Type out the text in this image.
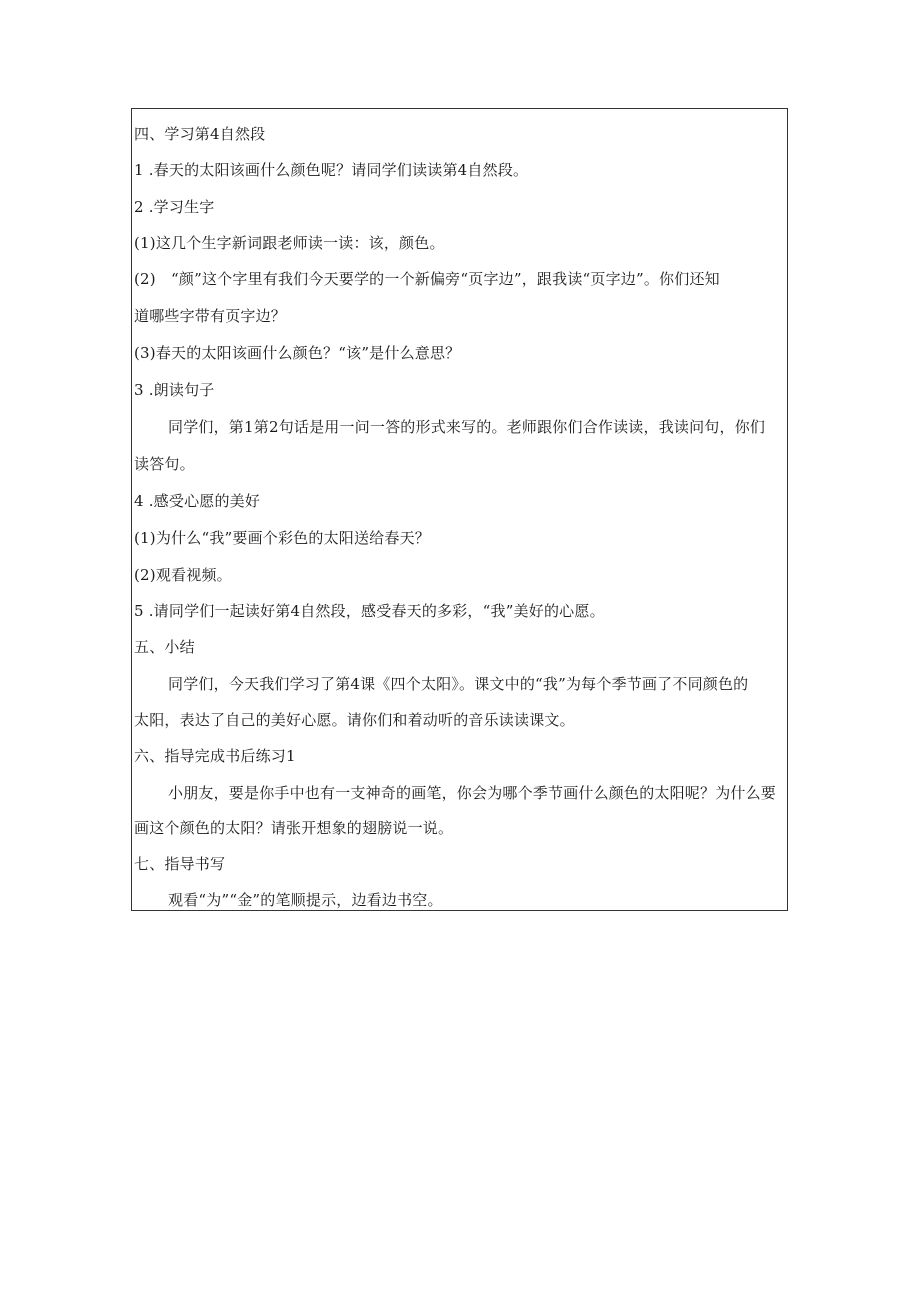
四、学习第4自然段
1 .春天的太阳该画什么颜色呢？请同学们读读第4自然段。
2 .学习生字
(1)这几个生字新词跟老师读一读：该，颜色。
(2)　“颜”这个字里有我们今天要学的一个新偏旁“页字边”，跟我读“页字边”。你们还知
道哪些字带有页字边？
(3)春天的太阳该画什么颜色？“该”是什么意思？
3 .朗读句子
同学们，第1第2句话是用一问一答的形式来写的。老师跟你们合作读读，我读问句，你们
读答句。
4 .感受心愿的美好
(1)为什么“我”要画个彩色的太阳送给春天？
(2)观看视频。
5 .请同学们一起读好第4自然段，感受春天的多彩，“我”美好的心愿。
五、小结
同学们，今天我们学习了第4课《四个太阳》。课文中的“我”为每个季节画了不同颜色的
太阳，表达了自己的美好心愿。请你们和着动听的音乐读读课文。
六、指导完成书后练习1
小朋友，要是你手中也有一支神奇的画笔，你会为哪个季节画什么颜色的太阳呢？为什么要
画这个颜色的太阳？请张开想象的翅膀说一说。
七、指导书写
观看“为”“金”的笔顺提示，边看边书空。
